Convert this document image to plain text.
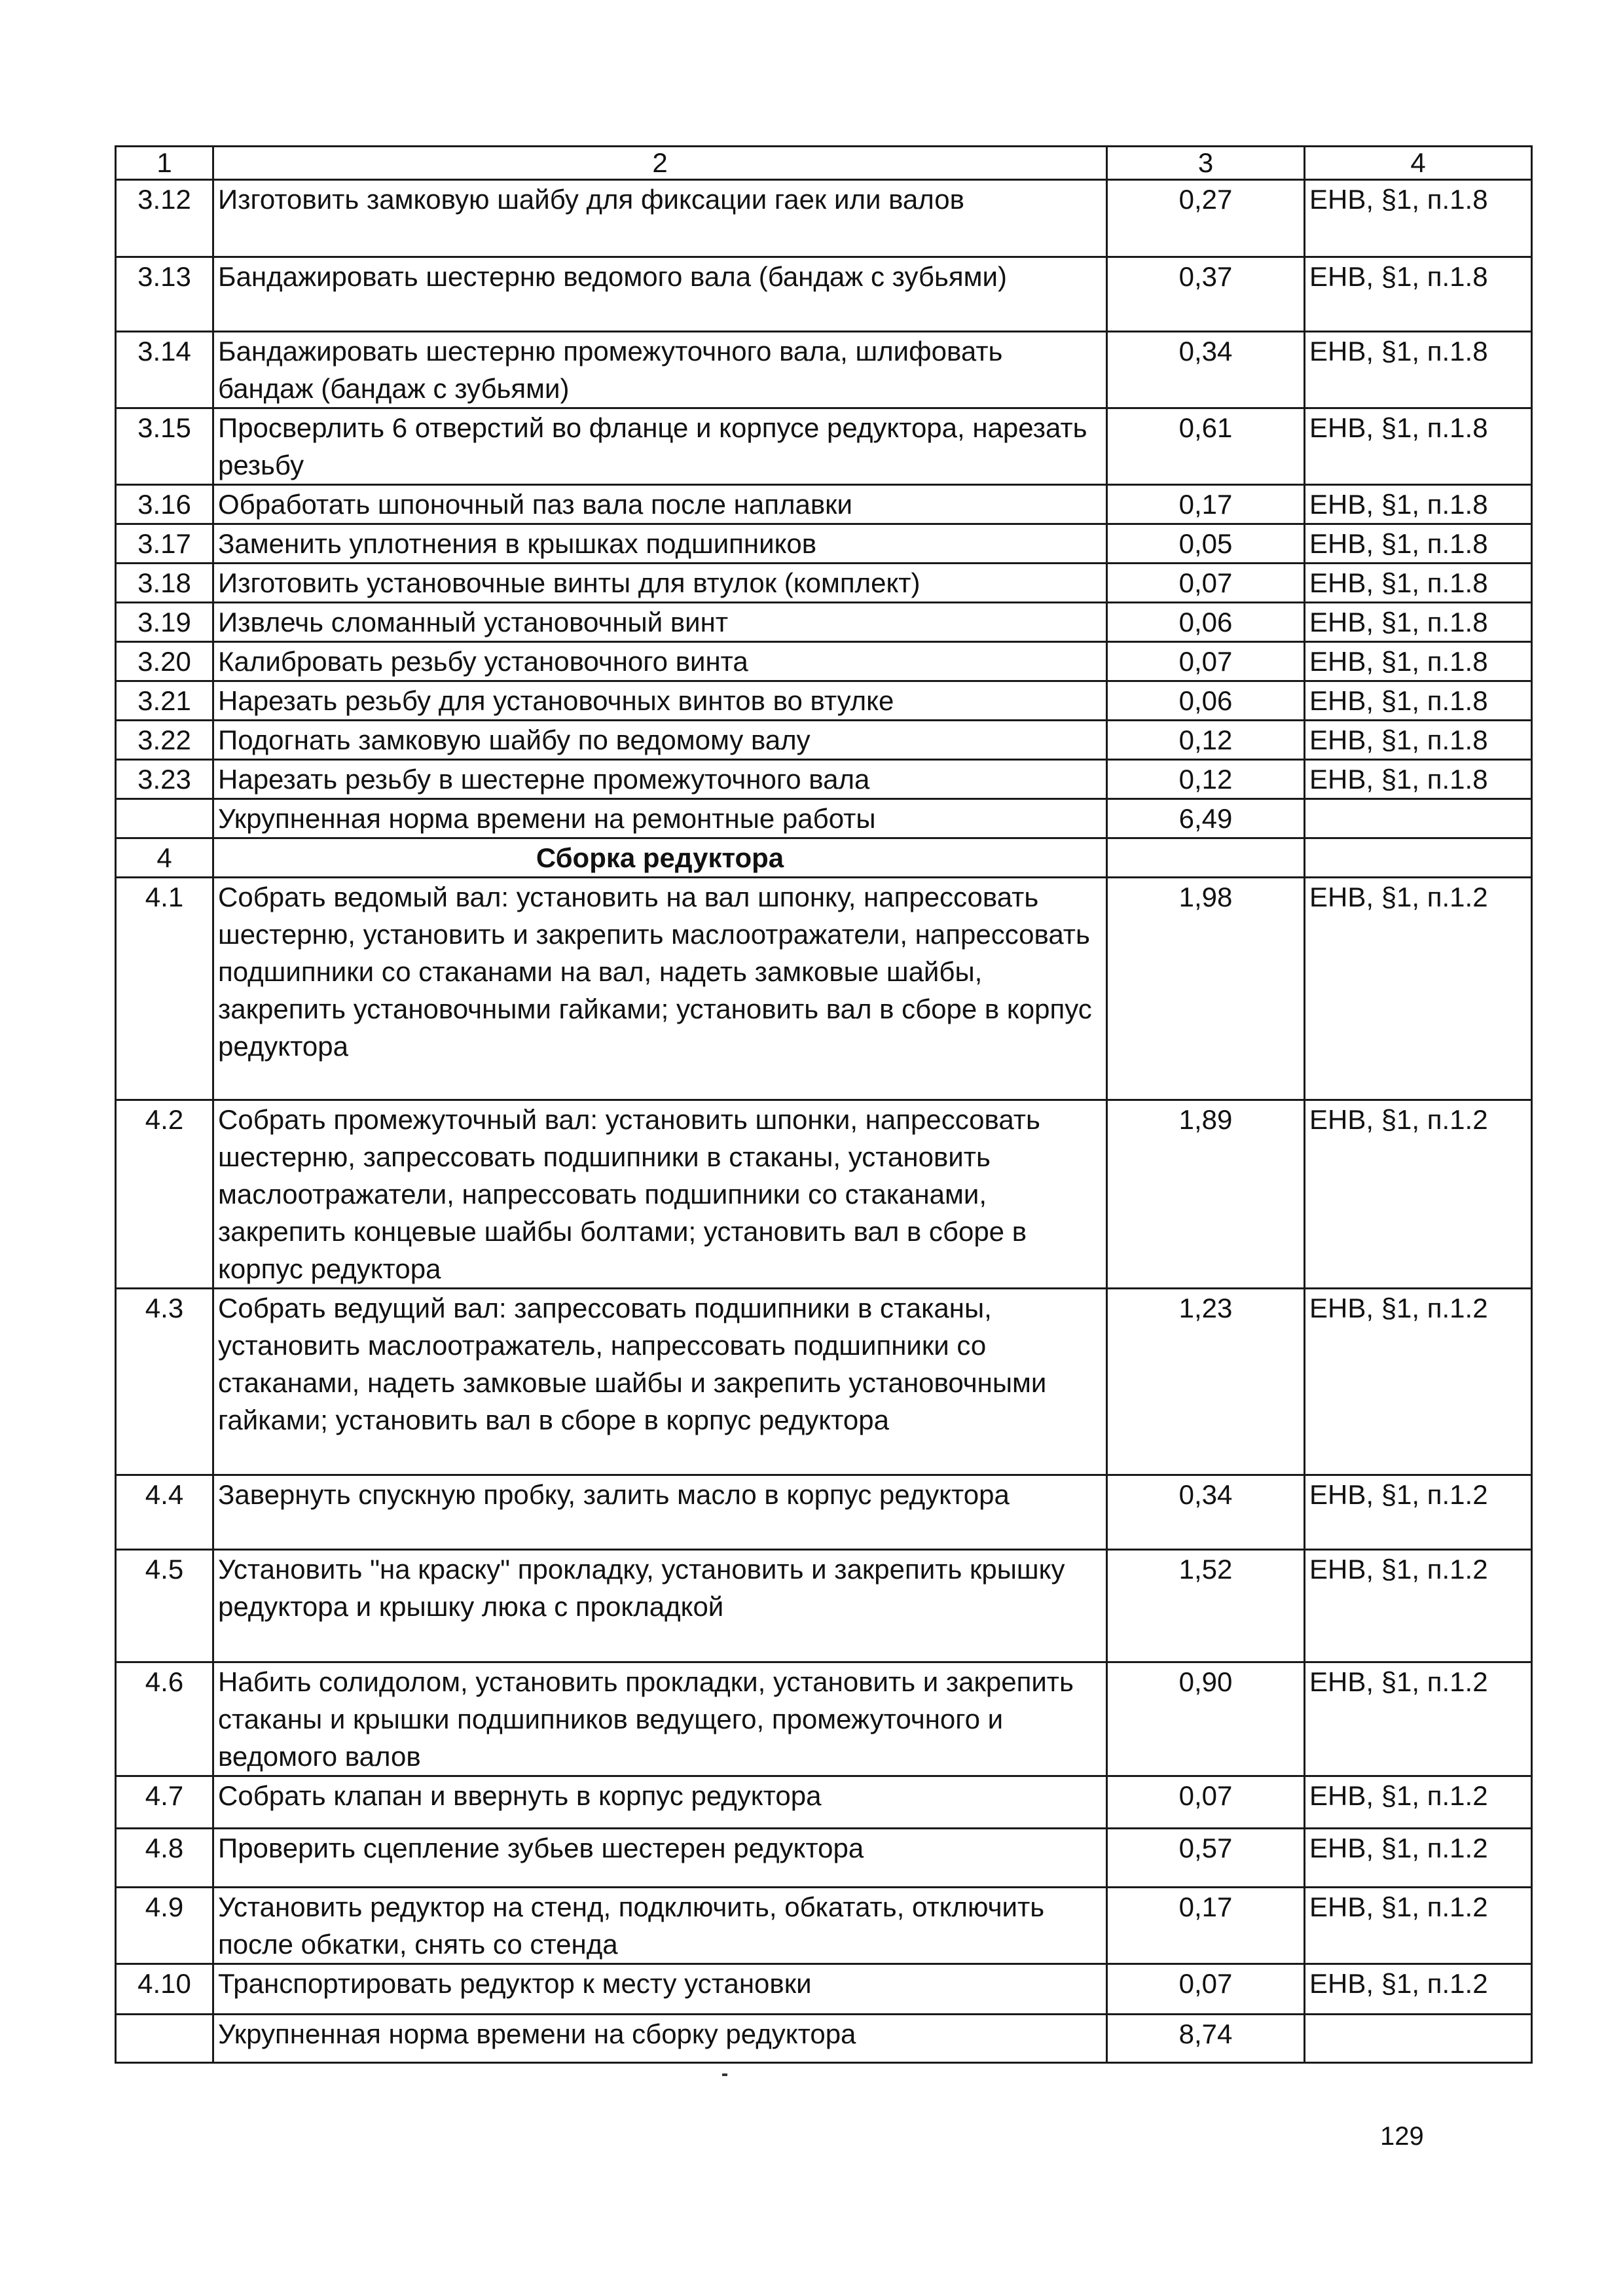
1	2	3	4
3.12	Изготовить замковую шайбу для фиксации гаек или валов	0,27	ЕНВ, §1, п.1.8
3.13	Бандажировать шестерню ведомого вала (бандаж с зубьями)	0,37	ЕНВ, §1, п.1.8
3.14	Бандажировать шестерню промежуточного вала, шлифовать бандаж (бандаж с зубьями)	0,34	ЕНВ, §1, п.1.8
3.15	Просверлить 6 отверстий во фланце и корпусе редуктора, нарезать резьбу	0,61	ЕНВ, §1, п.1.8
3.16	Обработать шпоночный паз вала после наплавки	0,17	ЕНВ, §1, п.1.8
3.17	Заменить уплотнения в крышках подшипников	0,05	ЕНВ, §1, п.1.8
3.18	Изготовить установочные винты для втулок (комплект)	0,07	ЕНВ, §1, п.1.8
3.19	Извлечь сломанный установочный винт	0,06	ЕНВ, §1, п.1.8
3.20	Калибровать резьбу установочного винта	0,07	ЕНВ, §1, п.1.8
3.21	Нарезать резьбу для установочных винтов во втулке	0,06	ЕНВ, §1, п.1.8
3.22	Подогнать замковую шайбу по ведомому валу	0,12	ЕНВ, §1, п.1.8
3.23	Нарезать резьбу в шестерне промежуточного вала	0,12	ЕНВ, §1, п.1.8
	Укрупненная норма времени на ремонтные работы	6,49	
4	Сборка редуктора		
4.1	Собрать ведомый вал: установить на вал шпонку, напрессовать шестерню, установить и закрепить маслоотражатели, напрессовать подшипники со стаканами на вал, надеть замковые шайбы, закрепить установочными гайками; установить вал в сборе в корпус редуктора	1,98	ЕНВ, §1, п.1.2
4.2	Собрать промежуточный вал: установить шпонки, напрессовать шестерню, запрессовать подшипники в стаканы, установить маслоотражатели, напрессовать подшипники со стаканами, закрепить концевые шайбы болтами; установить вал в сборе в корпус редуктора	1,89	ЕНВ, §1, п.1.2
4.3	Собрать ведущий вал: запрессовать подшипники в стаканы, установить маслоотражатель, напрессовать подшипники со стаканами, надеть замковые шайбы и закрепить установочными гайками; установить вал в сборе в корпус редуктора	1,23	ЕНВ, §1, п.1.2
4.4	Завернуть спускную пробку, залить масло в корпус редуктора	0,34	ЕНВ, §1, п.1.2
4.5	Установить "на краску" прокладку, установить и закрепить крышку редуктора и крышку люка с прокладкой	1,52	ЕНВ, §1, п.1.2
4.6	Набить солидолом, установить прокладки, установить и закрепить стаканы и крышки подшипников ведущего, промежуточного и ведомого валов	0,90	ЕНВ, §1, п.1.2
4.7	Собрать клапан и ввернуть в корпус редуктора	0,07	ЕНВ, §1, п.1.2
4.8	Проверить сцепление зубьев шестерен редуктора	0,57	ЕНВ, §1, п.1.2
4.9	Установить редуктор на стенд, подключить, обкатать, отключить после обкатки, снять со стенда	0,17	ЕНВ, §1, п.1.2
4.10	Транспортировать редуктор к месту установки	0,07	ЕНВ, §1, п.1.2
	Укрупненная норма времени на сборку редуктора	8,74	
129
